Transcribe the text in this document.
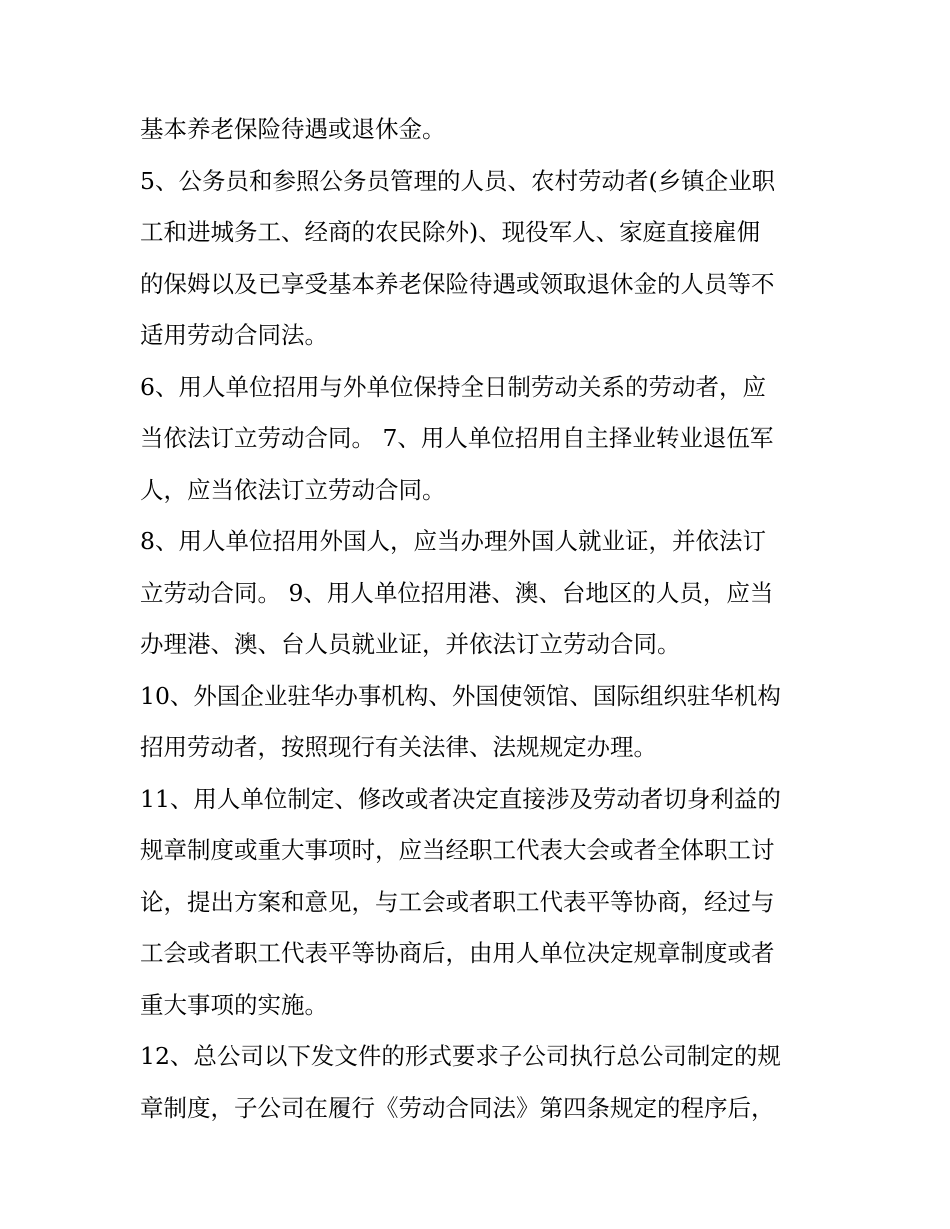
基本养老保险待遇或退休金。

5、公务员和参照公务员管理的人员、农村劳动者(乡镇企业职
工和进城务工、经商的农民除外)、现役军人、家庭直接雇佣
的保姆以及已享受基本养老保险待遇或领取退休金的人员等不
适用劳动合同法。

6、用人单位招用与外单位保持全日制劳动关系的劳动者，应
当依法订立劳动合同。 7、用人单位招用自主择业转业退伍军
人，应当依法订立劳动合同。

8、用人单位招用外国人，应当办理外国人就业证，并依法订
立劳动合同。 9、用人单位招用港、澳、台地区的人员，应当
办理港、澳、台人员就业证，并依法订立劳动合同。

10、外国企业驻华办事机构、外国使领馆、国际组织驻华机构
招用劳动者，按照现行有关法律、法规规定办理。

11、用人单位制定、修改或者决定直接涉及劳动者切身利益的
规章制度或重大事项时，应当经职工代表大会或者全体职工讨
论，提出方案和意见，与工会或者职工代表平等协商，经过与
工会或者职工代表平等协商后，由用人单位决定规章制度或者
重大事项的实施。

12、总公司以下发文件的形式要求子公司执行总公司制定的规
章制度，子公司在履行《劳动合同法》第四条规定的程序后，
